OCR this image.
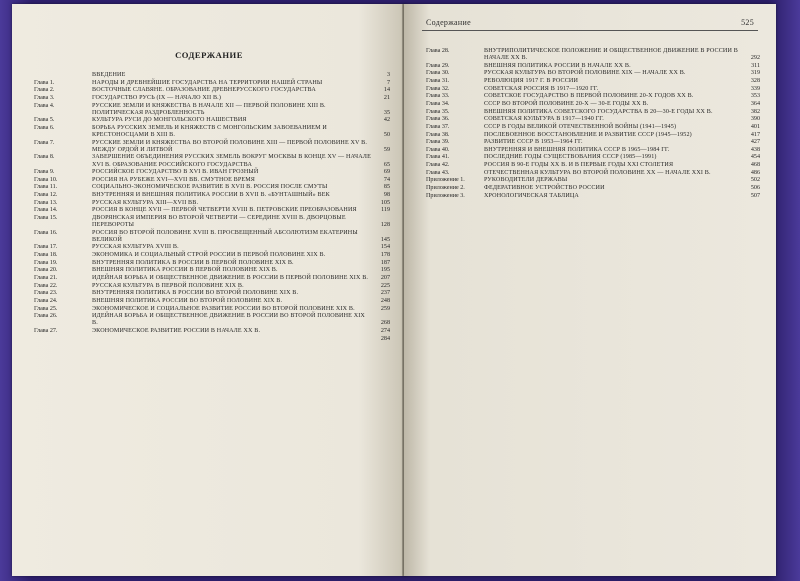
СОДЕРЖАНИЕ
ВВЕДЕНИЕ	3
Глава 1.	НАРОДЫ И ДРЕВНЕЙШИЕ ГОСУДАРСТВА НА ТЕРРИТОРИИ НАШЕЙ СТРАНЫ	7
Глава 2.	ВОСТОЧНЫЕ СЛАВЯНЕ. ОБРАЗОВАНИЕ ДРЕВНЕРУССКОГО ГОСУДАРСТВА	14
Глава 3.	ГОСУДАРСТВО РУСЬ (IX — НАЧАЛО XII В.)	21
Глава 4.	РУССКИЕ ЗЕМЛИ И КНЯЖЕСТВА В НАЧАЛЕ XII — ПЕРВОЙ ПОЛОВИНЕ XIII В. ПОЛИТИЧЕСКАЯ РАЗДРОБЛЕННОСТЬ	35
Глава 5.	КУЛЬТУРА РУСИ ДО МОНГОЛЬСКОГО НАШЕСТВИЯ	42
Глава 6.	БОРЬБА РУССКИХ ЗЕМЕЛЬ И КНЯЖЕСТВ С МОНГОЛЬСКИМ ЗАВОЕВАНИЕМ И КРЕСТОНОСЦАМИ В XIII В.	50
Глава 7.	РУССКИЕ ЗЕМЛИ И КНЯЖЕСТВА ВО ВТОРОЙ ПОЛОВИНЕ XIII — ПЕРВОЙ ПОЛОВИНЕ XV В. МЕЖДУ ОРДОЙ И ЛИТВОЙ	59
Глава 8.	ЗАВЕРШЕНИЕ ОБЪЕДИНЕНИЯ РУССКИХ ЗЕМЕЛЬ ВОКРУГ МОСКВЫ В КОНЦЕ XV — НАЧАЛЕ XVI В. ОБРАЗОВАНИЕ РОССИЙСКОГО ГОСУДАРСТВА	65
Глава 9.	РОССИЙСКОЕ ГОСУДАРСТВО В XVI В. ИВАН ГРОЗНЫЙ	69
Глава 10.	РОССИЯ НА РУБЕЖЕ XVI—XVII ВВ. СМУТНОЕ ВРЕМЯ	74
Глава 11.	СОЦИАЛЬНО-ЭКОНОМИЧЕСКОЕ РАЗВИТИЕ В XVII В. РОССИЯ ПОСЛЕ СМУТЫ	85
Глава 12.	ВНУТРЕННЯЯ И ВНЕШНЯЯ ПОЛИТИКА РОССИИ В XVII В. «БУНТАШНЫЙ» ВЕК	98
Глава 13.	РУССКАЯ КУЛЬТУРА XIII—XVII ВВ.	105
Глава 14.	РОССИЯ В КОНЦЕ XVII — ПЕРВОЙ ЧЕТВЕРТИ XVIII В. ПЕТРОВСКИЕ ПРЕОБРАЗОВАНИЯ	119
Глава 15.	ДВОРЯНСКАЯ ИМПЕРИЯ ВО ВТОРОЙ ЧЕТВЕРТИ — СЕРЕДИНЕ XVIII В. ДВОРЦОВЫЕ ПЕРЕВОРОТЫ	128
Глава 16.	РОССИЯ ВО ВТОРОЙ ПОЛОВИНЕ XVIII В. ПРОСВЕЩЕННЫЙ АБСОЛЮТИЗМ ЕКАТЕРИНЫ ВЕЛИКОЙ	145
Глава 17.	РУССКАЯ КУЛЬТУРА XVIII В.	154
Глава 18.	ЭКОНОМИКА И СОЦИАЛЬНЫЙ СТРОЙ РОССИИ В ПЕРВОЙ ПОЛОВИНЕ XIX В.	178
Глава 19.	ВНУТРЕННЯЯ ПОЛИТИКА В РОССИИ В ПЕРВОЙ ПОЛОВИНЕ XIX В.	187
Глава 20.	ВНЕШНЯЯ ПОЛИТИКА РОССИИ В ПЕРВОЙ ПОЛОВИНЕ XIX В.	195
Глава 21.	ИДЕЙНАЯ БОРЬБА И ОБЩЕСТВЕННОЕ ДВИЖЕНИЕ В РОССИИ В ПЕРВОЙ ПОЛОВИНЕ XIX В.	207
Глава 22.	РУССКАЯ КУЛЬТУРА В ПЕРВОЙ ПОЛОВИНЕ XIX В.	225
Глава 23.	ВНУТРЕННЯЯ ПОЛИТИКА В РОССИИ ВО ВТОРОЙ ПОЛОВИНЕ XIX В.	237
Глава 24.	ВНЕШНЯЯ ПОЛИТИКА РОССИИ ВО ВТОРОЙ ПОЛОВИНЕ XIX В.	248
Глава 25.	ЭКОНОМИЧЕСКОЕ И СОЦИАЛЬНОЕ РАЗВИТИЕ РОССИИ ВО ВТОРОЙ ПОЛОВИНЕ XIX В.	259
Глава 26.	ИДЕЙНАЯ БОРЬБА И ОБЩЕСТВЕННОЕ ДВИЖЕНИЕ В РОССИИ ВО ВТОРОЙ ПОЛОВИНЕ XIX В.	268
Глава 27.	ЭКОНОМИЧЕСКОЕ РАЗВИТИЕ РОССИИ В НАЧАЛЕ XX В.	274
284
Содержание	525
Глава 28.	ВНУТРИПОЛИТИЧЕСКОЕ ПОЛОЖЕНИЕ И ОБЩЕСТВЕННОЕ ДВИЖЕНИЕ В РОССИИ В НАЧАЛЕ XX В.	292
Глава 29.	ВНЕШНЯЯ ПОЛИТИКА РОССИИ В НАЧАЛЕ XX В.	311
Глава 30.	РУССКАЯ КУЛЬТУРА ВО ВТОРОЙ ПОЛОВИНЕ XIX — НАЧАЛЕ XX В.	319
Глава 31.	РЕВОЛЮЦИЯ 1917 Г. В РОССИИ	328
Глава 32.	СОВЕТСКАЯ РОССИЯ В 1917—1920 ГГ.	339
Глава 33.	СОВЕТСКОЕ ГОСУДАРСТВО В ПЕРВОЙ ПОЛОВИНЕ 20-Х ГОДОВ XX В.	353
Глава 34.	СССР ВО ВТОРОЙ ПОЛОВИНЕ 20-Х — 30-Е ГОДЫ XX В.	364
Глава 35.	ВНЕШНЯЯ ПОЛИТИКА СОВЕТСКОГО ГОСУДАРСТВА В 20—30-Е ГОДЫ XX В.	382
Глава 36.	СОВЕТСКАЯ КУЛЬТУРА В 1917—1940 ГГ.	390
Глава 37.	СССР В ГОДЫ ВЕЛИКОЙ ОТЕЧЕСТВЕННОЙ ВОЙНЫ (1941—1945)	401
Глава 38.	ПОСЛЕВОЕННОЕ ВОССТАНОВЛЕНИЕ И РАЗВИТИЕ СССР (1945—1952)	417
Глава 39.	РАЗВИТИЕ СССР В 1953—1964 ГГ.	427
Глава 40.	ВНУТРЕННЯЯ И ВНЕШНЯЯ ПОЛИТИКА СССР В 1965—1984 ГГ.	438
Глава 41.	ПОСЛЕДНИЕ ГОДЫ СУЩЕСТВОВАНИЯ СССР (1985—1991)	454
Глава 42.	РОССИЯ В 90-Е ГОДЫ XX В. И В ПЕРВЫЕ ГОДЫ XXI СТОЛЕТИЯ	468
Глава 43.	ОТЕЧЕСТВЕННАЯ КУЛЬТУРА ВО ВТОРОЙ ПОЛОВИНЕ XX — НАЧАЛЕ XXI В.	486
Приложение 1.	РУКОВОДИТЕЛИ ДЕРЖАВЫ	502
Приложение 2.	ФЕДЕРАТИВНОЕ УСТРОЙСТВО РОССИИ	506
Приложение 3.	ХРОНОЛОГИЧЕСКАЯ ТАБЛИЦА	507
